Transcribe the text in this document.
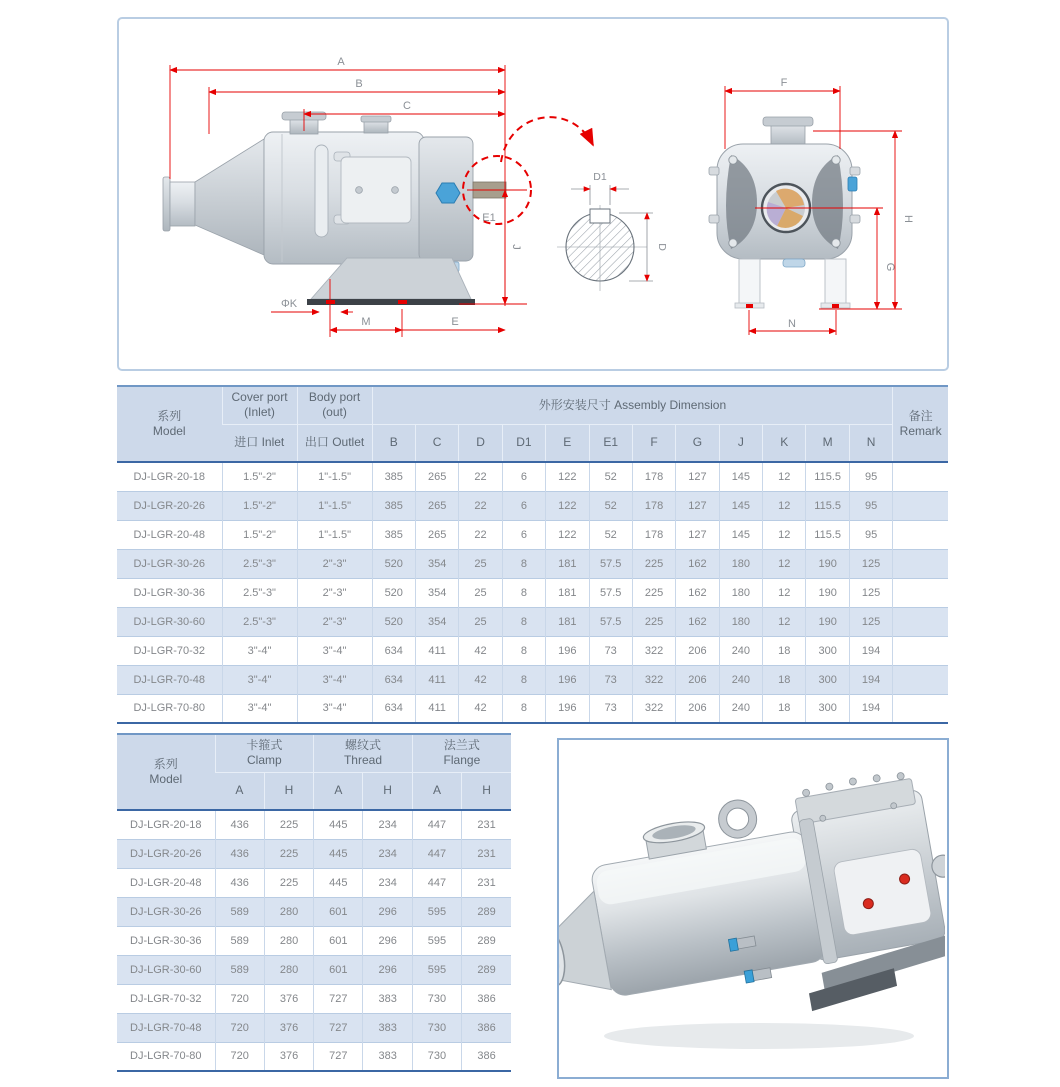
A
B
C
E1
J
ΦK
M	E
D1
D
F
H
G
N
系列
Model

Cover port
(Inlet)

Body port
(out)
	外形安装尺寸 Assembly Dimension	
备注
Remark

	进口 Inlet	出口 Outlet	B	C	D	D1	E	E1	F	G	J	K	M	N	
DJ-LGR-20-18	1.5"-2"	1"-1.5"	385	265	22	6	122	52	178	127	145	12	115.5	95	
DJ-LGR-20-26	1.5"-2"	1"-1.5"	385	265	22	6	122	52	178	127	145	12	115.5	95	
DJ-LGR-20-48	1.5"-2"	1"-1.5"	385	265	22	6	122	52	178	127	145	12	115.5	95	
DJ-LGR-30-26	2.5"-3"	2"-3"	520	354	25	8	181	57.5	225	162	180	12	190	125	
DJ-LGR-30-36	2.5"-3"	2"-3"	520	354	25	8	181	57.5	225	162	180	12	190	125	
DJ-LGR-30-60	2.5"-3"	2"-3"	520	354	25	8	181	57.5	225	162	180	12	190	125	
DJ-LGR-70-32	3"-4"	3"-4"	634	411	42	8	196	73	322	206	240	18	300	194	
DJ-LGR-70-48	3"-4"	3"-4"	634	411	42	8	196	73	322	206	240	18	300	194	
DJ-LGR-70-80	3"-4"	3"-4"	634	411	42	8	196	73	322	206	240	18	300	194	
系列
Model

卡箍式
Clamp

螺纹式
Thread

法兰式
Flange

	A	H	A	H	A	H
DJ-LGR-20-18	436	225	445	234	447	231
DJ-LGR-20-26	436	225	445	234	447	231
DJ-LGR-20-48	436	225	445	234	447	231
DJ-LGR-30-26	589	280	601	296	595	289
DJ-LGR-30-36	589	280	601	296	595	289
DJ-LGR-30-60	589	280	601	296	595	289
DJ-LGR-70-32	720	376	727	383	730	386
DJ-LGR-70-48	720	376	727	383	730	386
DJ-LGR-70-80	720	376	727	383	730	386
